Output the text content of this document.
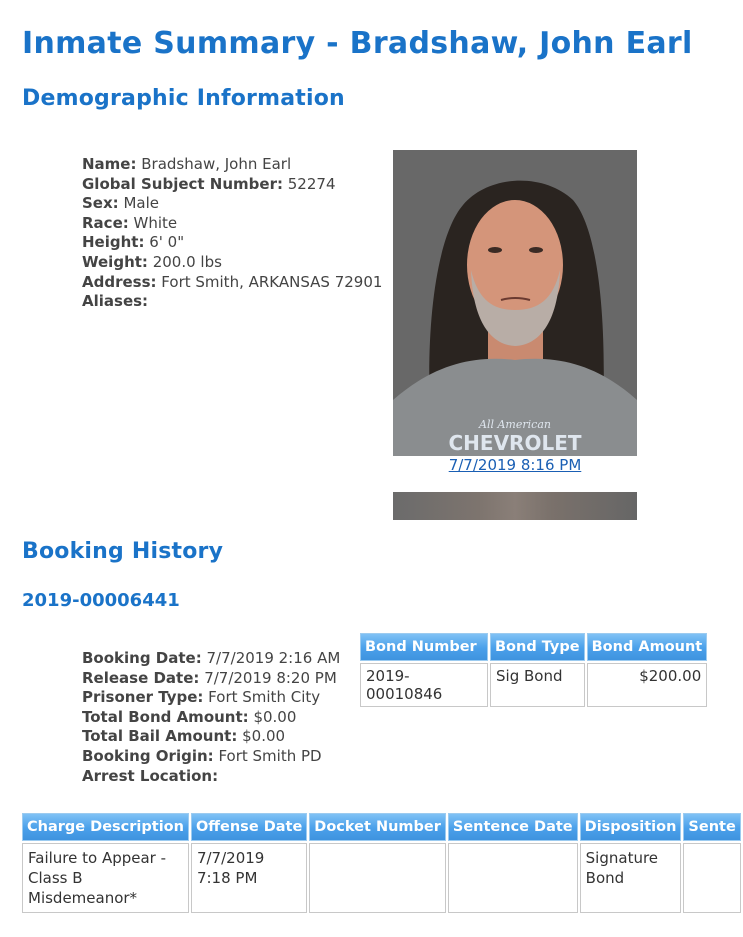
Inmate Summary - Bradshaw, John Earl
Demographic Information
Name: Bradshaw, John Earl
Global Subject Number: 52274
Sex: Male
Race: White
Height: 6' 0"
Weight: 200.0 lbs
Address: Fort Smith, ARKANSAS 72901
Aliases:
All American
CHEVROLET
7/7/2019 8:16 PM
Booking History
2019-00006441
Booking Date: 7/7/2019 2:16 AM
Release Date: 7/7/2019 8:20 PM
Prisoner Type: Fort Smith City
Total Bond Amount: $0.00
Total Bail Amount: $0.00
Booking Origin: Fort Smith PD
Arrest Location:
Bond Number	Bond Type	Bond Amount
2019-00010846	Sig Bond	$200.00
Charge Description	Offense Date	Docket Number	Sentence Date	Disposition	Sente
Failure to Appear - Class B Misdemeanor*	7/7/2019 7:18 PM			Signature Bond	
